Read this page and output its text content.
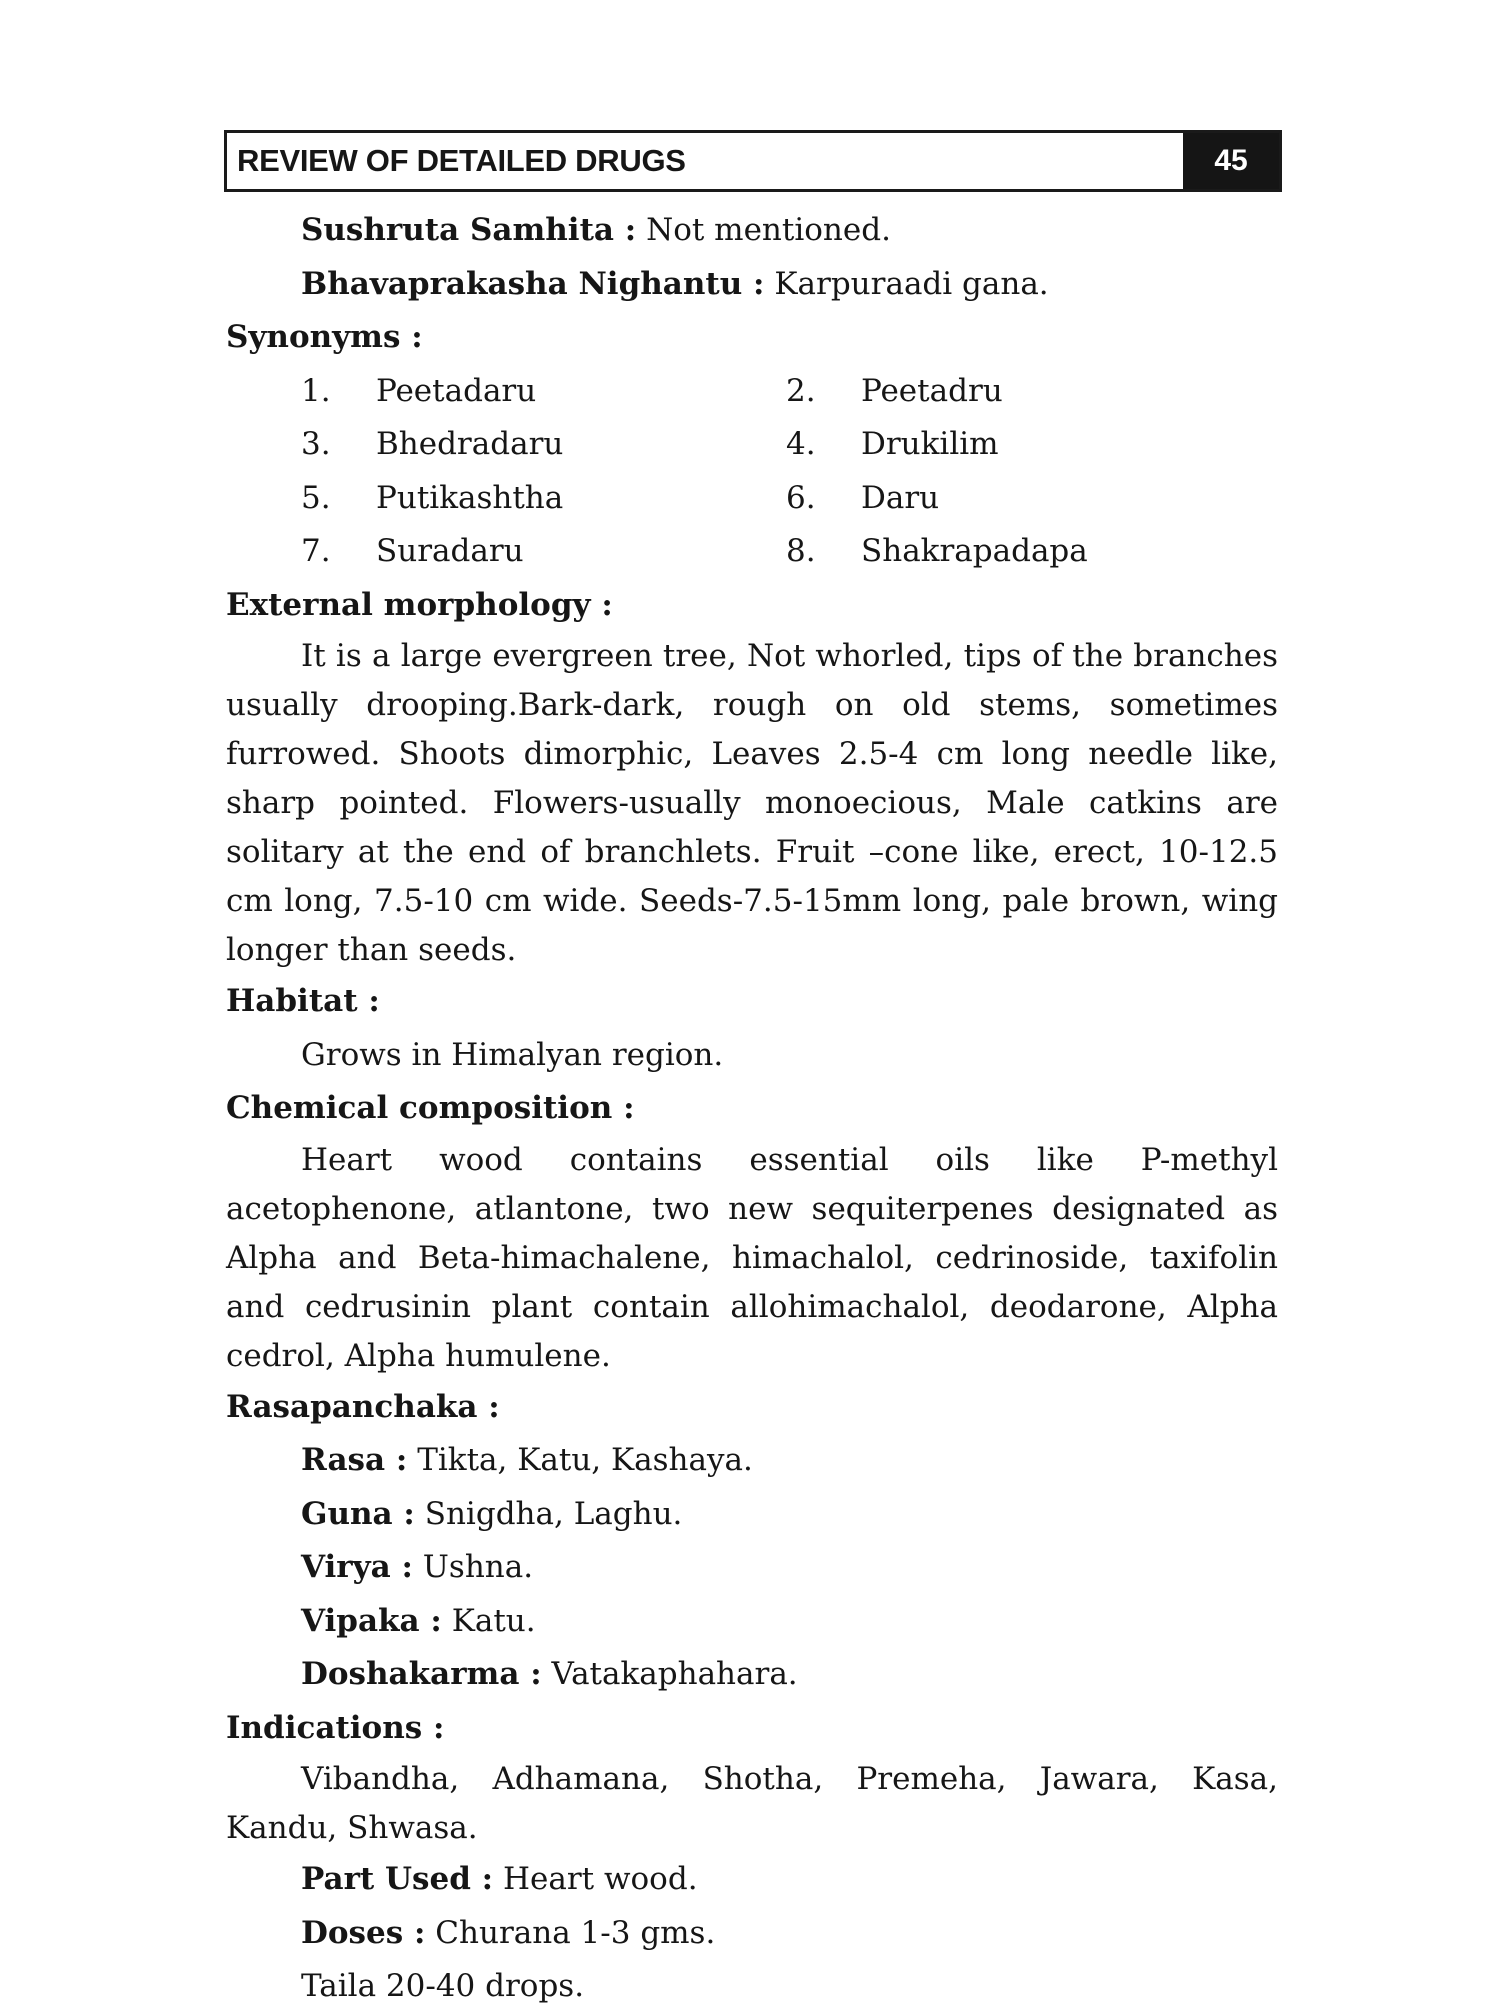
REVIEW OF DETAILED DRUGS	45

Sushruta Samhita : Not mentioned.

Bhavaprakasha Nighantu : Karpuraadi gana.

Synonyms :

1.	Peetadaru	2.	Peetadru
3.	Bhedradaru	4.	Drukilim
5.	Putikashtha	6.	Daru
7.	Suradaru	8.	Shakrapadapa

External morphology :

It is a large evergreen tree, Not whorled, tips of the branches usually drooping.Bark-dark, rough on old stems, sometimes furrowed. Shoots dimorphic, Leaves 2.5-4 cm long needle like, sharp pointed. Flowers-usually monoecious, Male catkins are solitary at the end of branchlets. Fruit –cone like, erect, 10-12.5 cm long, 7.5-10 cm wide. Seeds-7.5-15mm long, pale brown, wing longer than seeds.

Habitat :

Grows in Himalyan region.

Chemical composition :

Heart wood contains essential oils like P-methyl acetophenone, atlantone, two new sequiterpenes designated as Alpha and Beta-himachalene, himachalol, cedrinoside, taxifolin and cedrusinin plant contain allohimachalol, deodarone, Alpha cedrol, Alpha humulene.

Rasapanchaka :

Rasa : Tikta, Katu, Kashaya.

Guna : Snigdha, Laghu.

Virya : Ushna.

Vipaka : Katu.

Doshakarma : Vatakaphahara.

Indications :

Vibandha, Adhamana, Shotha, Premeha, Jawara, Kasa, Kandu, Shwasa.

Part Used : Heart wood.

Doses : Churana 1-3 gms.

Taila 20-40 drops.
